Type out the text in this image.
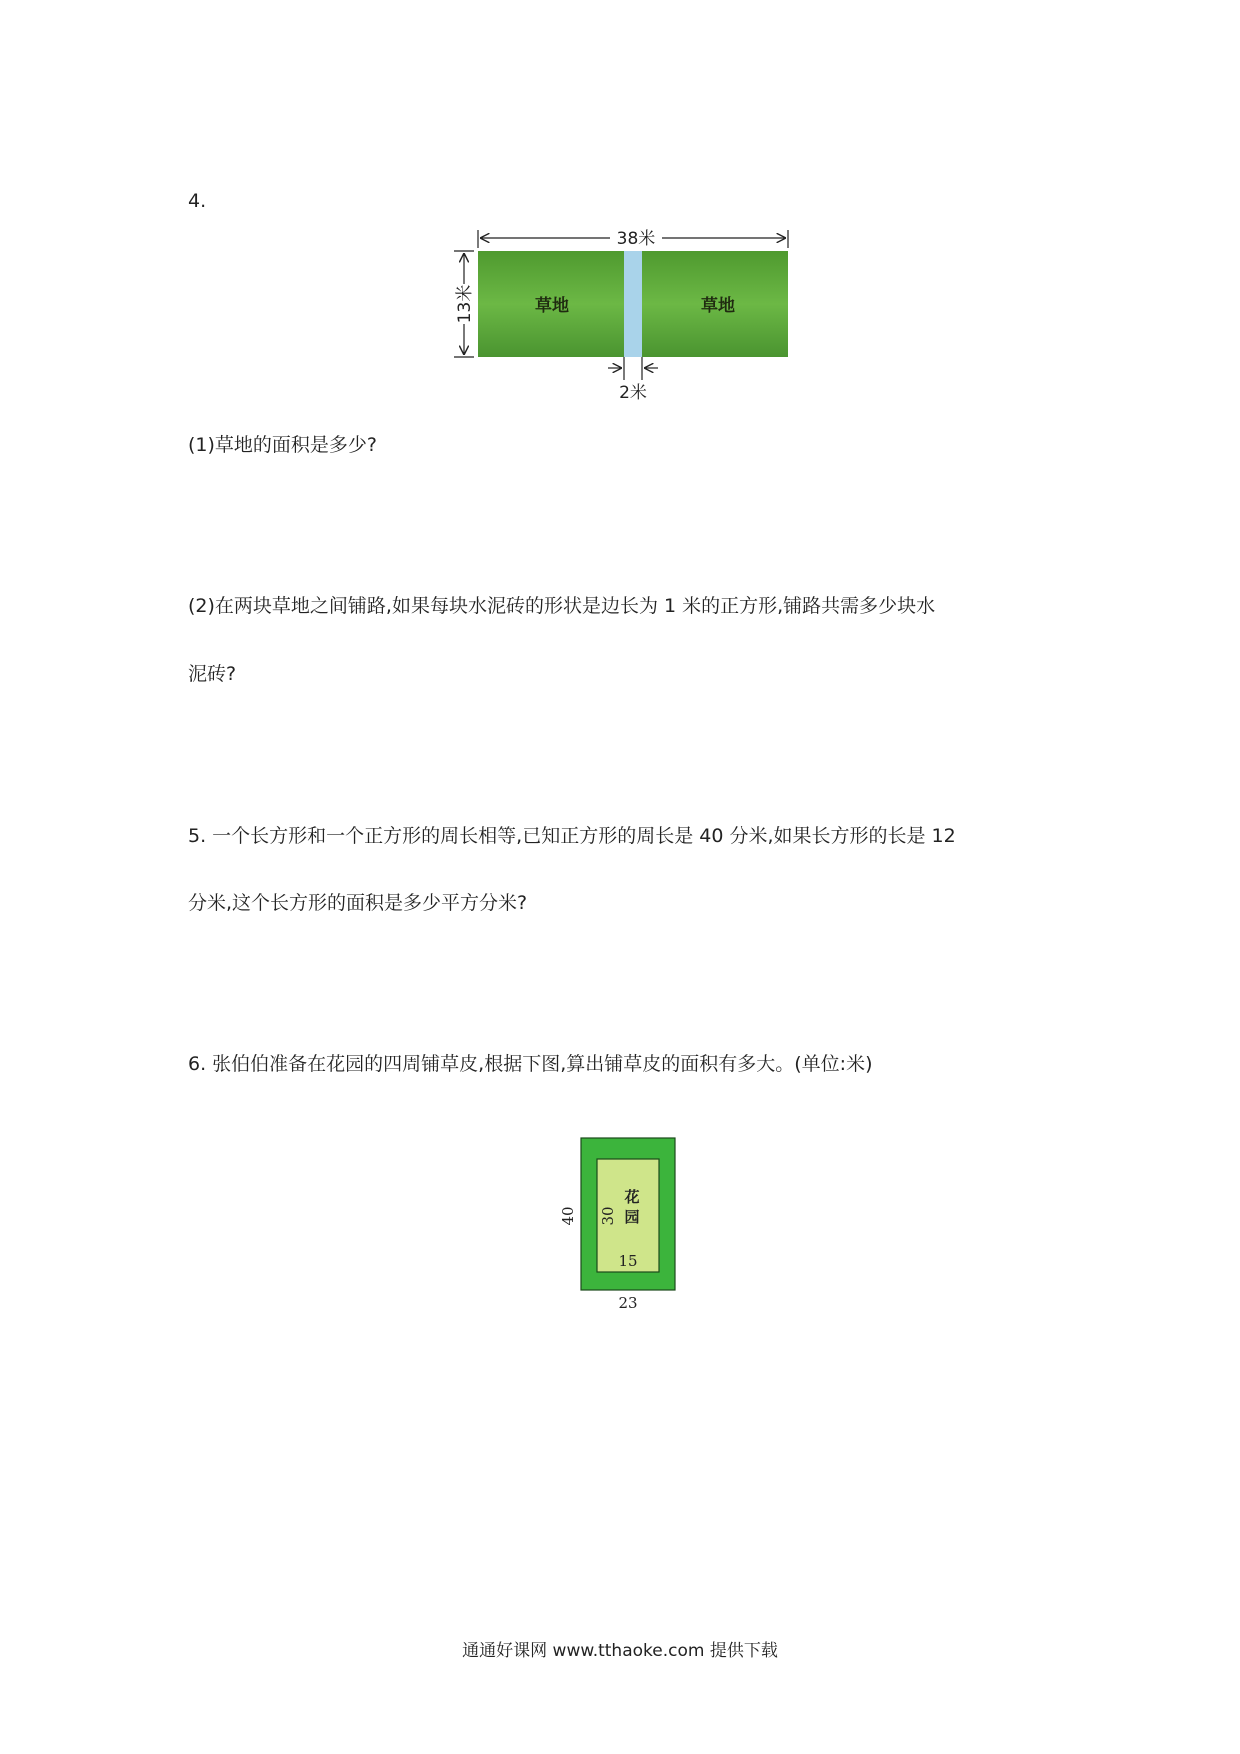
4.
38米
13米	草地	草地
2米
(1)草地的面积是多少?
(2)在两块草地之间铺路,如果每块水泥砖的形状是边长为 1 米的正方形,铺路共需多少块水
泥砖?
5. 一个长方形和一个正方形的周长相等,已知正方形的周长是 40 分米,如果长方形的长是 12
分米,这个长方形的面积是多少平方分米?
6. 张伯伯准备在花园的四周铺草皮,根据下图,算出铺草皮的面积有多大。(单位:米)
40 30
花
园
15
23
通通好课网 www.tthaoke.com 提供下载
